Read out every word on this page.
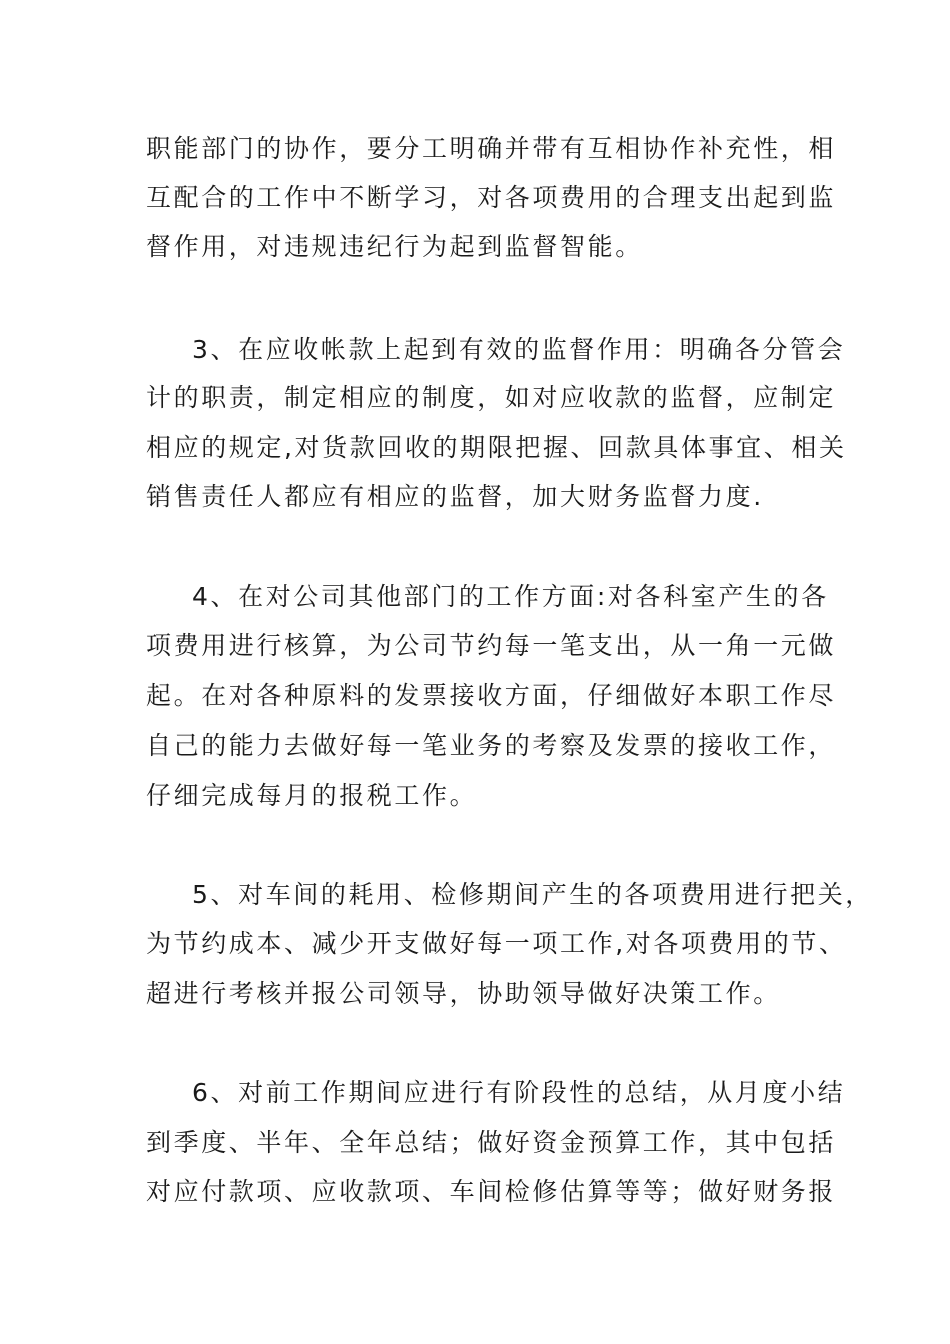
职能部门的协作，要分工明确并带有互相协作补充性，相
互配合的工作中不断学习，对各项费用的合理支出起到监
督作用，对违规违纪行为起到监督智能。
3、在应收帐款上起到有效的监督作用：明确各分管会
计的职责，制定相应的制度，如对应收款的监督，应制定
相应的规定,对货款回收的期限把握、回款具体事宜、相关
销售责任人都应有相应的监督，加大财务监督力度.
4、在对公司其他部门的工作方面:对各科室产生的各
项费用进行核算，为公司节约每一笔支出，从一角一元做
起。在对各种原料的发票接收方面，仔细做好本职工作尽
自己的能力去做好每一笔业务的考察及发票的接收工作，
仔细完成每月的报税工作。
5、对车间的耗用、检修期间产生的各项费用进行把关，
为节约成本、减少开支做好每一项工作,对各项费用的节、
超进行考核并报公司领导，协助领导做好决策工作。
6、对前工作期间应进行有阶段性的总结，从月度小结
到季度、半年、全年总结；做好资金预算工作，其中包括
对应付款项、应收款项、车间检修估算等等；做好财务报
